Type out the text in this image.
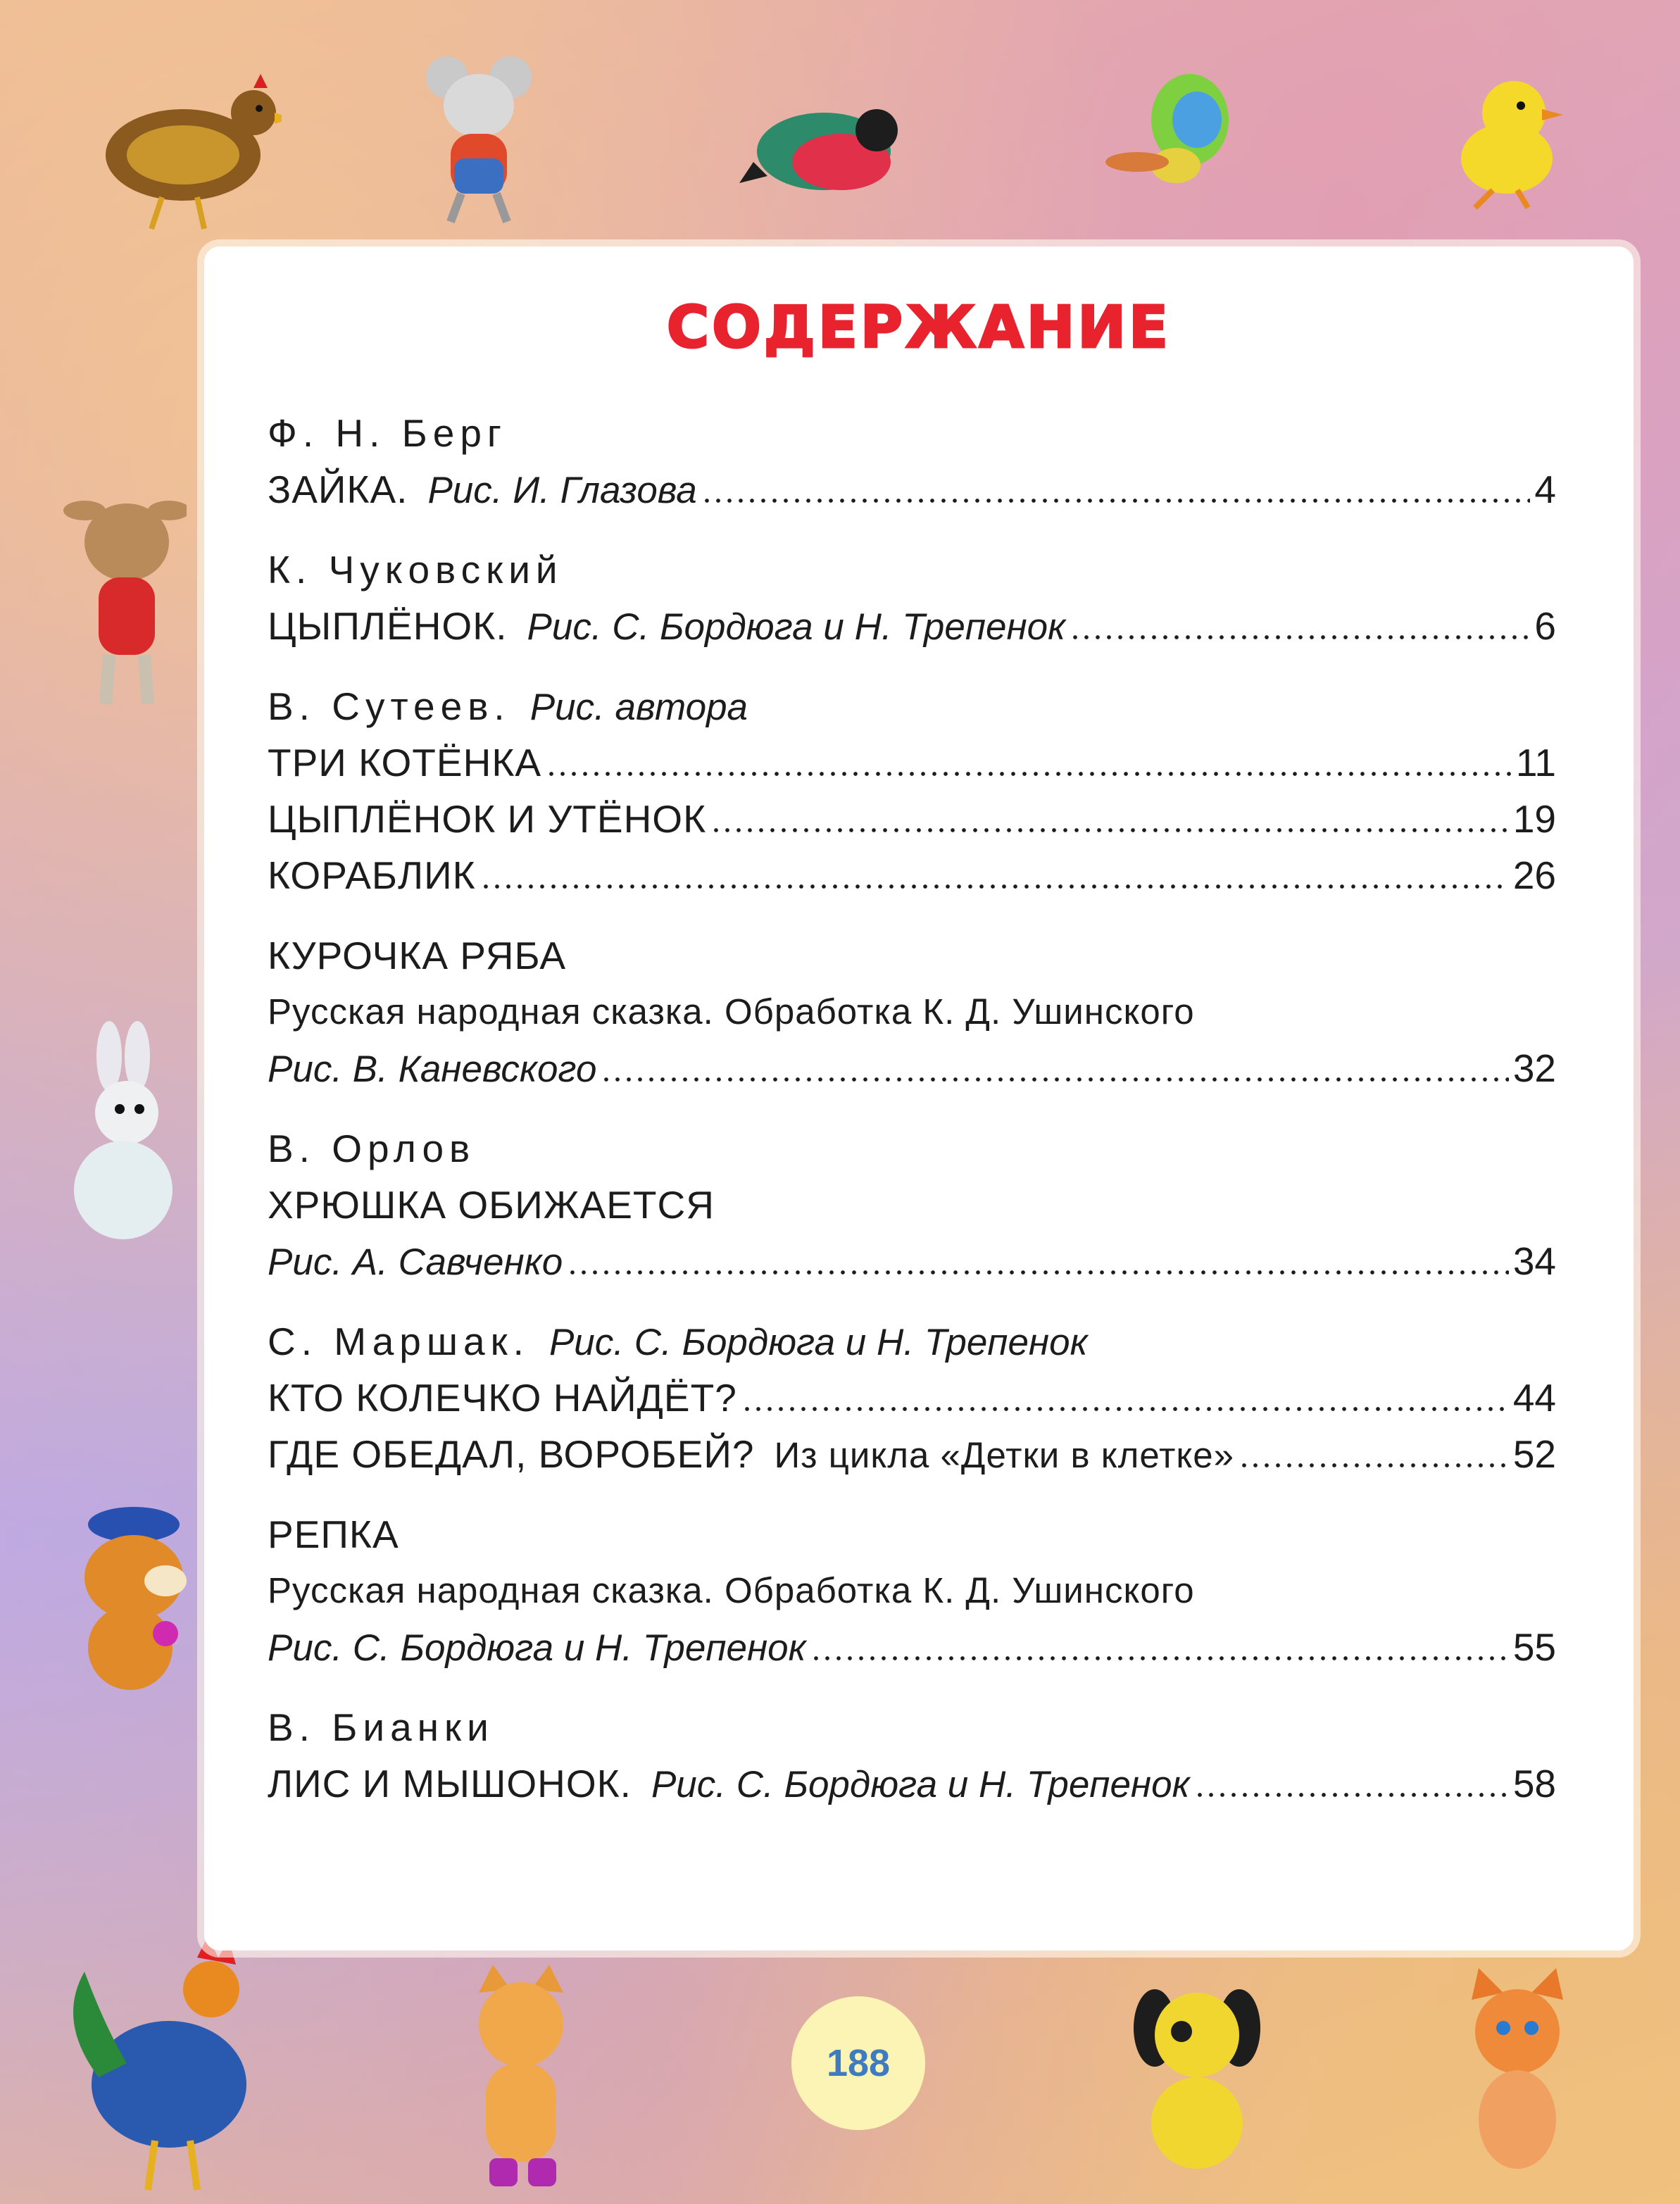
СОДЕРЖАНИЕ
Ф. Н. Берг
ЗАЙКА. Рис. И. Глазова	4
К. Чуковский
ЦЫПЛЁНОК. Рис. С. Бордюга и Н. Трепенок	6
В. Сутеев. Рис. автора
ТРИ КОТЁНКА	11
ЦЫПЛЁНОК И УТЁНОК	19
КОРАБЛИК	26
КУРОЧКА РЯБА
Русская народная сказка. Обработка К. Д. Ушинского
Рис. В. Каневского	32
В. Орлов
ХРЮШКА ОБИЖАЕТСЯ
Рис. А. Савченко	34
С. Маршак. Рис. С. Бордюга и Н. Трепенок
КТО КОЛЕЧКО НАЙДЁТ?	44
ГДЕ ОБЕДАЛ, ВОРОБЕЙ? Из цикла «Детки в клетке»	52
РЕПКА
Русская народная сказка. Обработка К. Д. Ушинского
Рис. С. Бордюга и Н. Трепенок	55
В. Бианки
ЛИС И МЫШОНОК. Рис. С. Бордюга и Н. Трепенок	58
188
